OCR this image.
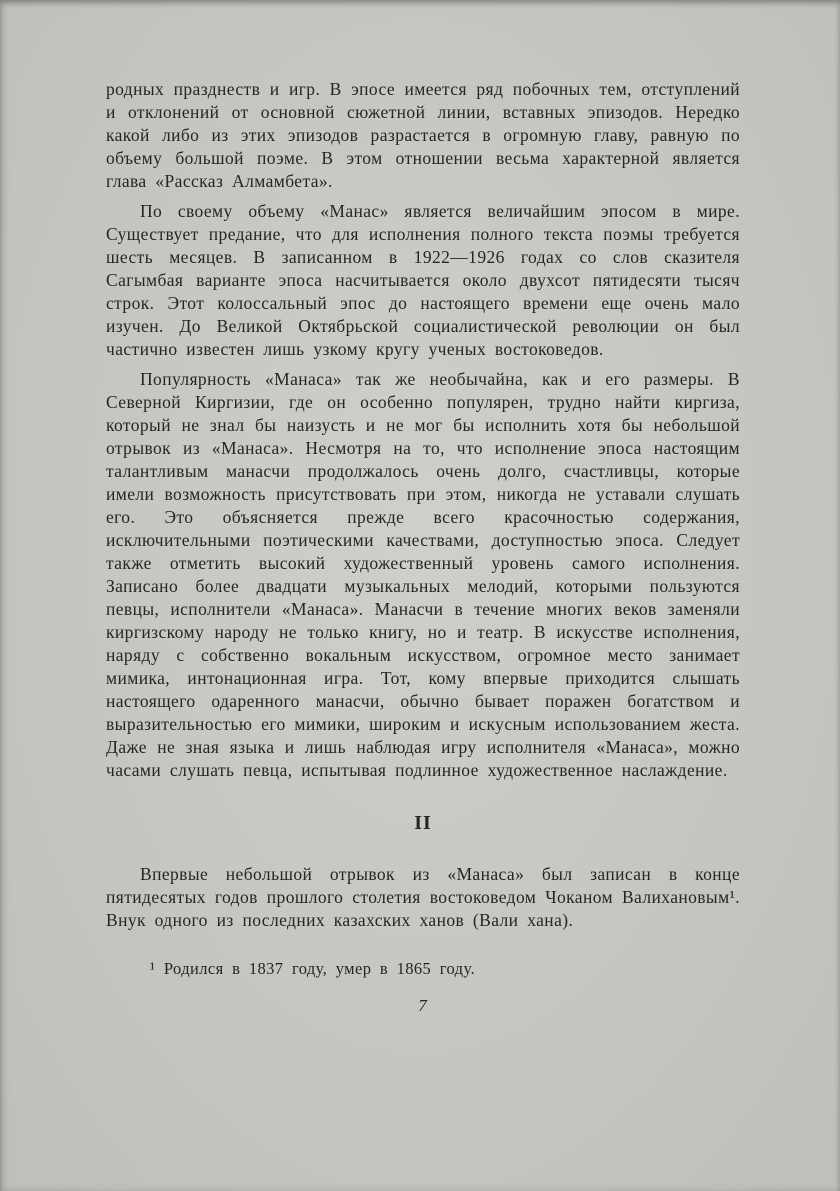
родных празднеств и игр. В эпосе имеется ряд побочных тем, отступлений и отклонений от основной сюжетной линии, вставных эпизодов. Нередко какой либо из этих эпизодов разрастается в огромную главу, равную по объему большой поэме. В этом отношении весьма характерной является глава «Рассказ Алмамбета».

По своему объему «Манас» является величайшим эпосом в мире. Существует предание, что для исполнения полного текста поэмы требуется шесть месяцев. В записанном в 1922—1926 годах со слов сказителя Сагымбая варианте эпоса насчитывается около двухсот пятидесяти тысяч строк. Этот колоссальный эпос до настоящего времени еще очень мало изучен. До Великой Октябрьской социалистической революции он был частично известен лишь узкому кругу ученых востоковедов.

Популярность «Манаса» так же необычайна, как и его размеры. В Северной Киргизии, где он особенно популярен, трудно найти киргиза, который не знал бы наизусть и не мог бы исполнить хотя бы небольшой отрывок из «Манаса». Несмотря на то, что исполнение эпоса настоящим талантливым манасчи продолжалось очень долго, счастливцы, которые имели возможность присутствовать при этом, никогда не уставали слушать его. Это объясняется прежде всего красочностью содержания, исключительными поэтическими качествами, доступностью эпоса. Следует также отметить высокий художественный уровень самого исполнения. Записано более двадцати музыкальных мелодий, которыми пользуются певцы, исполнители «Манаса». Манасчи в течение многих веков заменяли киргизскому народу не только книгу, но и театр. В искусстве исполнения, наряду с собственно вокальным искусством, огромное место занимает мимика, интонационная игра. Тот, кому впервые приходится слышать настоящего одаренного манасчи, обычно бывает поражен богатством и выразительностью его мимики, широким и искусным использованием жеста. Даже не зная языка и лишь наблюдая игру исполнителя «Манаса», можно часами слушать певца, испытывая подлинное художественное наслаждение.

II

Впервые небольшой отрывок из «Манаса» был записан в конце пятидесятых годов прошлого столетия востоковедом Чоканом Валихановым¹. Внук одного из последних казахских ханов (Вали хана).

¹ Родился в 1837 году, умер в 1865 году.

7
